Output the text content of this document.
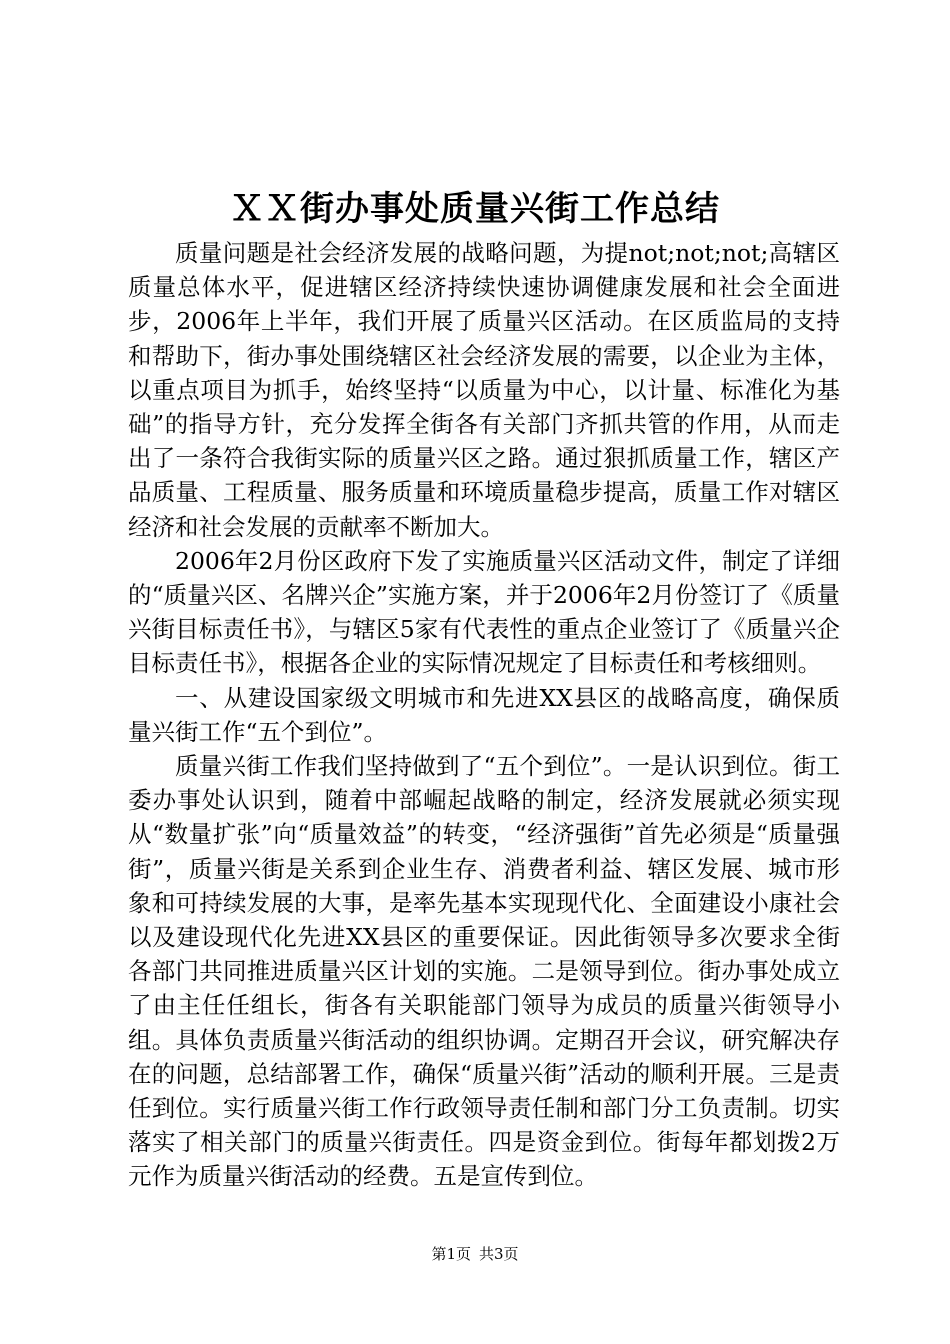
ＸＸ街办事处质量兴街工作总结

质量问题是社会经济发展的战略问题，为提not;not;not;高辖区质量总体水平，促进辖区经济持续快速协调健康发展和社会全面进步，2006年上半年，我们开展了质量兴区活动。在区质监局的支持和帮助下，街办事处围绕辖区社会经济发展的需要，以企业为主体，以重点项目为抓手，始终坚持“以质量为中心，以计量、标准化为基础”的指导方针，充分发挥全街各有关部门齐抓共管的作用，从而走出了一条符合我街实际的质量兴区之路。通过狠抓质量工作，辖区产品质量、工程质量、服务质量和环境质量稳步提高，质量工作对辖区经济和社会发展的贡献率不断加大。

2006年2月份区政府下发了实施质量兴区活动文件，制定了详细的“质量兴区、名牌兴企”实施方案，并于2006年2月份签订了《质量兴街目标责任书》，与辖区5家有代表性的重点企业签订了《质量兴企目标责任书》，根据各企业的实际情况规定了目标责任和考核细则。

一、从建设国家级文明城市和先进XX县区的战略高度，确保质量兴街工作“五个到位”。

质量兴街工作我们坚持做到了“五个到位”。一是认识到位。街工委办事处认识到，随着中部崛起战略的制定，经济发展就必须实现从“数量扩张”向“质量效益”的转变，“经济强街”首先必须是“质量强街”，质量兴街是关系到企业生存、消费者利益、辖区发展、城市形象和可持续发展的大事，是率先基本实现现代化、全面建设小康社会以及建设现代化先进XX县区的重要保证。因此街领导多次要求全街各部门共同推进质量兴区计划的实施。二是领导到位。街办事处成立了由主任任组长，街各有关职能部门领导为成员的质量兴街领导小组。具体负责质量兴街活动的组织协调。定期召开会议，研究解决存在的问题，总结部署工作，确保“质量兴街”活动的顺利开展。三是责任到位。实行质量兴街工作行政领导责任制和部门分工负责制。切实落实了相关部门的质量兴街责任。四是资金到位。街每年都划拨2万元作为质量兴街活动的经费。五是宣传到位。

第1页 共3页
